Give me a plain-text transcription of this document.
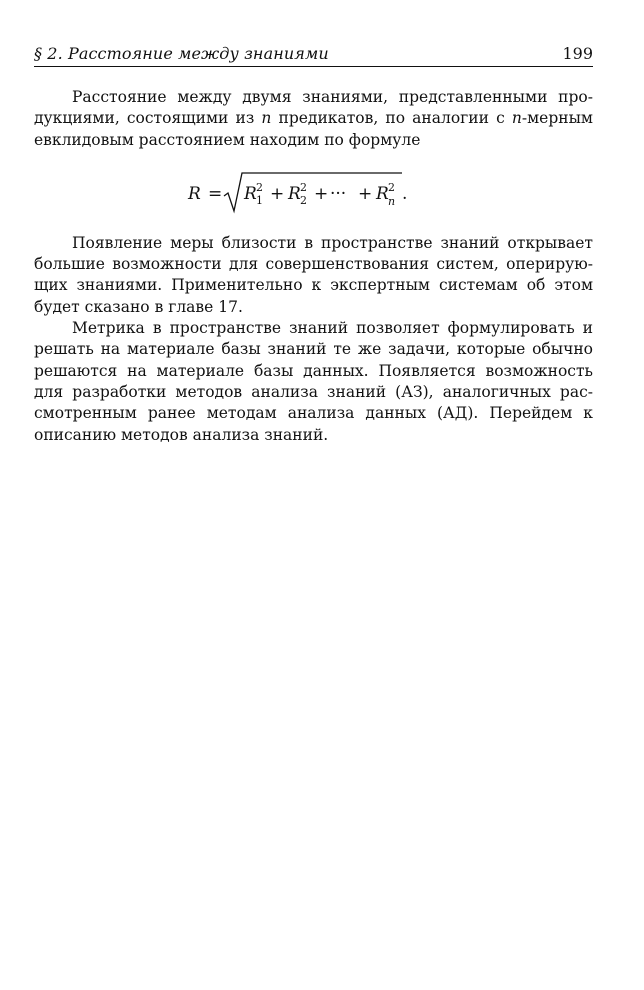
§ 2. Расстояние между знаниями	199

Расстояние между двумя знаниями, представленными про-дукциями, состоящими из n предикатов, по аналогии с n-мерным евклидовым расстоянием находим по формуле

R = R 1
2 + R 2
2 + ··· + R n
2 .

Появление меры близости в пространстве знаний открывает большие возможности для совершенствования систем, оперирую-щих знаниями. Применительно к экспертным системам об этом будет сказано в главе 17.

Метрика в пространстве знаний позволяет формулировать и решать на материале базы знаний те же задачи, которые обычно решаются на материале базы данных. Появляется возможность для разработки методов анализа знаний (АЗ), аналогичных рас-смотренным ранее методам анализа данных (АД). Перейдем к описанию методов анализа знаний.
